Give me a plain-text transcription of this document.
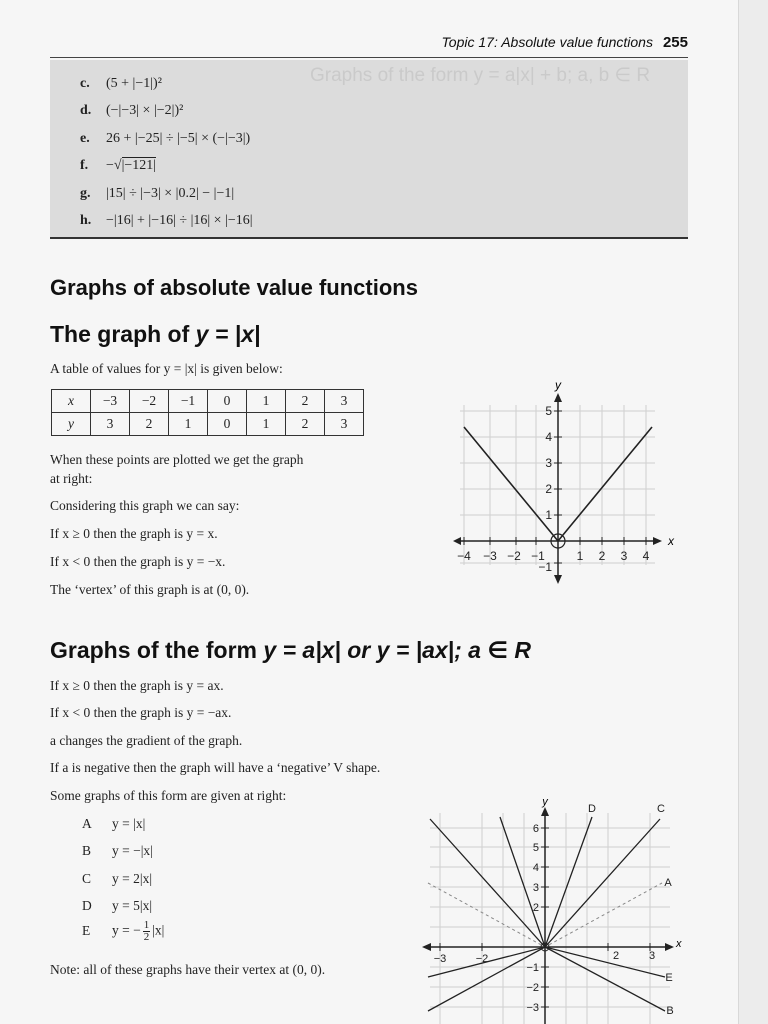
Topic 17: Absolute value functions 255
Graphs of the form y = a|x| + b; a, b ∈ R
c. (5 + |−1|)²
d. (−|−3| × |−2|)²
e. 26 + |−25| ÷ |−5| × (−|−3|)
f. −√|−121|
g. |15| ÷ |−3| × |0.2| − |−1|
h. −|16| + |−16| ÷ |16| × |−16|
Graphs of absolute value functions
The graph of y = |x|
A table of values for y = |x| is given below:
x	−3	−2	−1	0	1	2	3
y	3	2	1	0	1	2	3
When these points are plotted we get the graph
at right:
Considering this graph we can say:
If x ≥ 0 then the graph is y = x.
If x < 0 then the graph is y = −x.
The ‘vertex’ of this graph is at (0, 0).
x
y
−4 −3 −2 −1	1 2 3 4
5
4
3
2
1
−1
Graphs of the form y = a|x| or y = |ax|; a ∈ R
If x ≥ 0 then the graph is y = ax.
If x < 0 then the graph is y = −ax.
a changes the gradient of the graph.
If a is negative then the graph will have a ‘negative’ V shape.
Some graphs of this form are given at right:
A y = |x|
B y = −|x|
C y = 2|x|
D y = 5|x|
E y = − $\frac{1}{2} |x|$
Note: all of these graphs have their vertex at (0, 0).
x
y
A
B
C
D
E
−3	−2	2	3
6
5
4
3
2
−1
−2
−3
